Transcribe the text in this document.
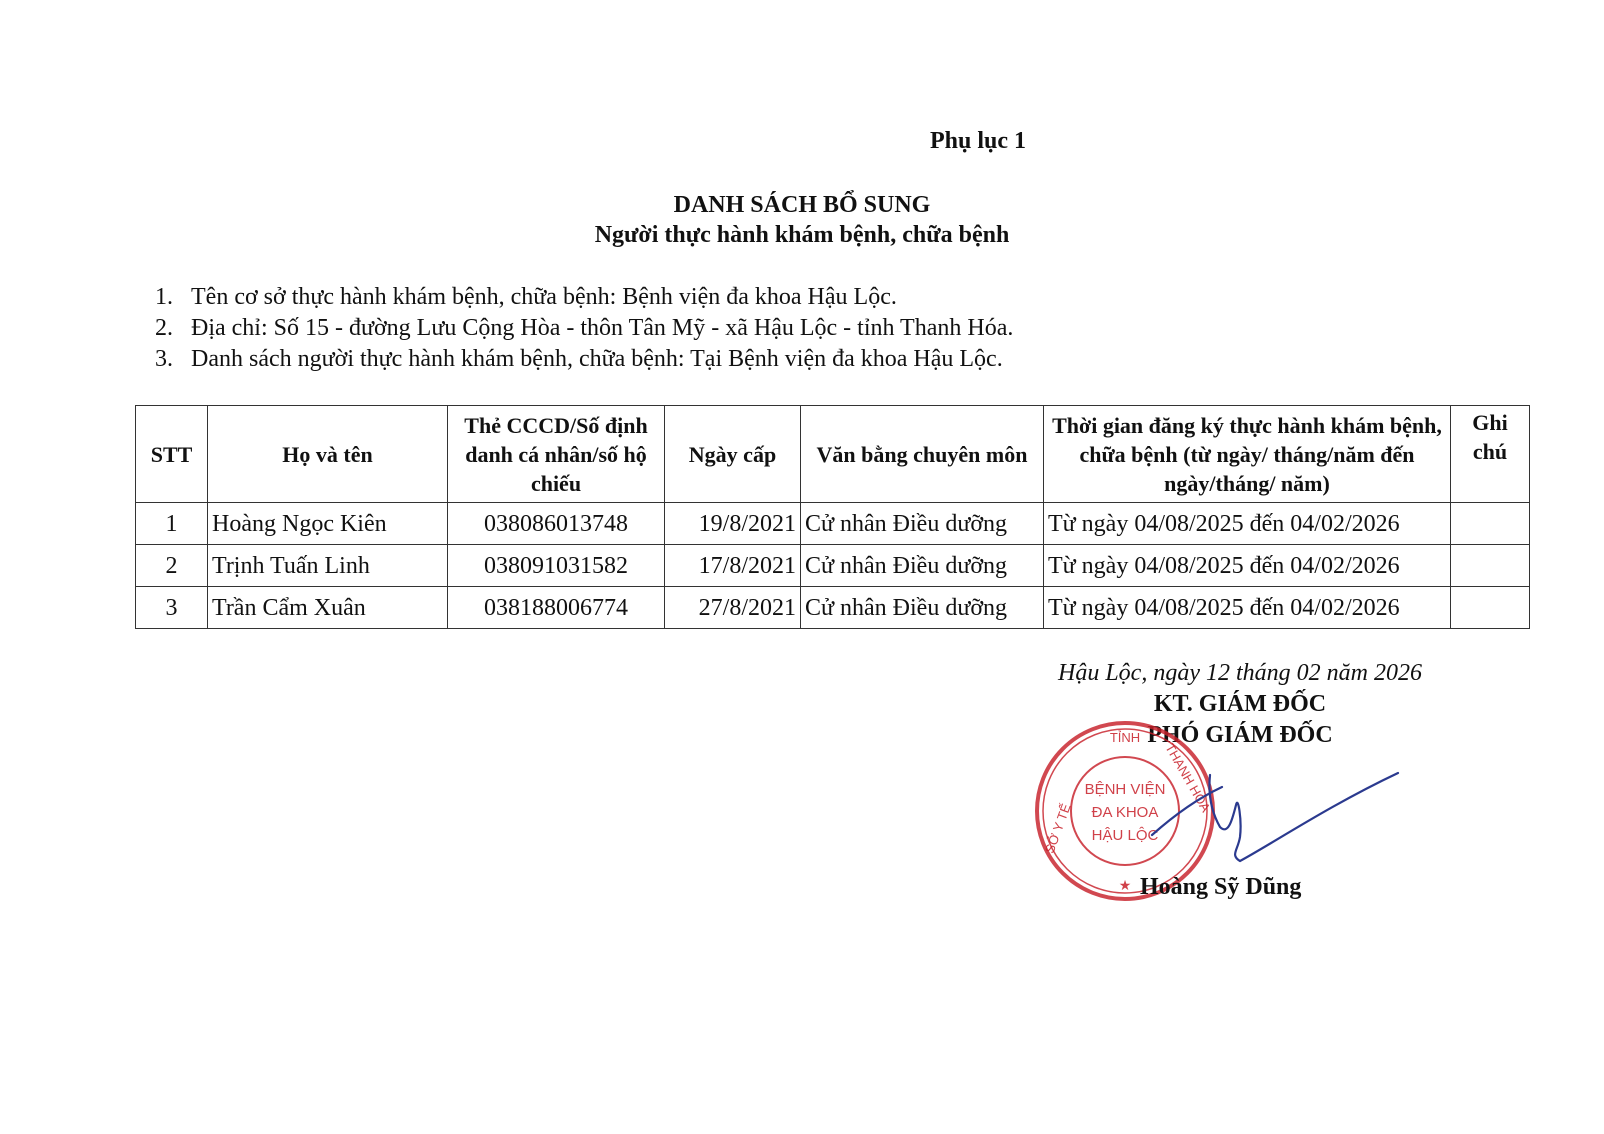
Phụ lục 1
DANH SÁCH BỔ SUNG
Người thực hành khám bệnh, chữa bệnh
1. Tên cơ sở thực hành khám bệnh, chữa bệnh: Bệnh viện đa khoa Hậu Lộc.
2. Địa chỉ: Số 15 - đường Lưu Cộng Hòa - thôn Tân Mỹ - xã Hậu Lộc - tỉnh Thanh Hóa.
3. Danh sách người thực hành khám bệnh, chữa bệnh: Tại Bệnh viện đa khoa Hậu Lộc.
STT	Họ và tên	Thẻ CCCD/Số định danh cá nhân/số hộ chiếu	Ngày cấp	Văn bằng chuyên môn	Thời gian đăng ký thực hành khám bệnh, chữa bệnh (từ ngày/ tháng/năm đến ngày/tháng/ năm)	Ghi chú
1	Hoàng Ngọc Kiên	038086013748	19/8/2021	Cử nhân Điều dưỡng	Từ ngày 04/08/2025 đến 04/02/2026	
2	Trịnh Tuấn Linh	038091031582	17/8/2021	Cử nhân Điều dưỡng	Từ ngày 04/08/2025 đến 04/02/2026	
3	Trần Cẩm Xuân	038188006774	27/8/2021	Cử nhân Điều dưỡng	Từ ngày 04/08/2025 đến 04/02/2026	
Hậu Lộc, ngày 12 tháng 02 năm 2026
KT. GIÁM ĐỐC
PHÓ GIÁM ĐỐC
TỈNH
THANH HÓA
SỞ Y TẾ
★
BỆNH VIỆN
ĐA KHOA
HẬU LỘC
Hoàng Sỹ Dũng
